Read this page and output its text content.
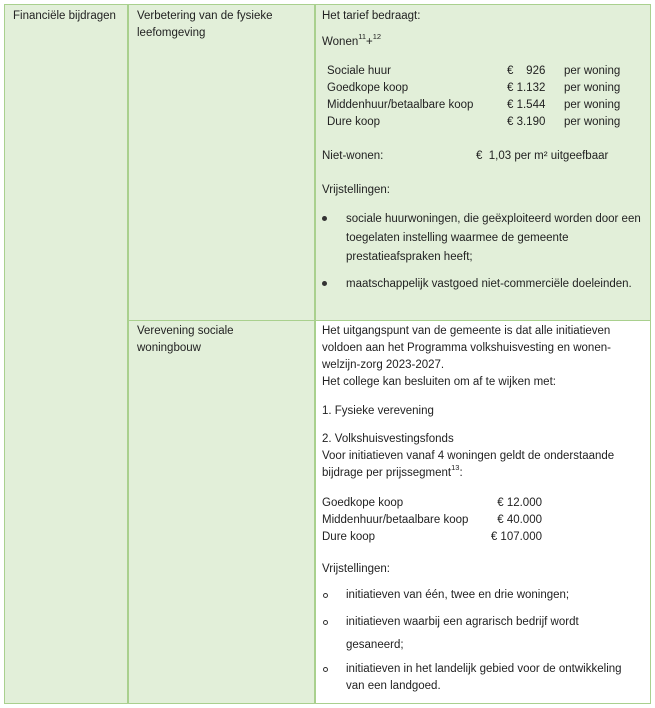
Financiële bijdragen Verbetering van de fysieke
leefomgeving
Het tarief bedraagt:
Wonen$^{11}$+$^{12}$
Sociale huur	€    926 per woning
Goedkope koop	€ 1.132 per woning
Middenhuur/betaalbare koop	€ 1.544 per woning
Dure koop	€ 3.190 per woning
Niet-wonen:	€  1,03 per m² uitgeefbaar
Vrijstellingen:
sociale huurwoningen, die geëxploiteerd worden door een toegelaten instelling waarmee de gemeente prestatieafspraken heeft;
maatschappelijk vastgoed niet-commerciële doeleinden.
Verevening sociale
woningbouw
Het uitgangspunt van de gemeente is dat alle initiatieven voldoen aan het Programma volkshuisvesting en wonen-welzijn-zorg 2023-2027.
Het college kan besluiten om af te wijken met:
1. Fysieke verevening
2. Volkshuisvestingsfonds
Voor initiatieven vanaf 4 woningen geldt de onderstaande bijdrage per prijssegment$^{13}$:
Goedkope koop	€ 12.000
Middenhuur/betaalbare koop	€ 40.000
Dure koop	€ 107.000
Vrijstellingen:
initiatieven van één, twee en drie woningen;
initiatieven waarbij een agrarisch bedrijf wordt
gesaneerd;
initiatieven in het landelijk gebied voor de ontwikkeling van een landgoed.
